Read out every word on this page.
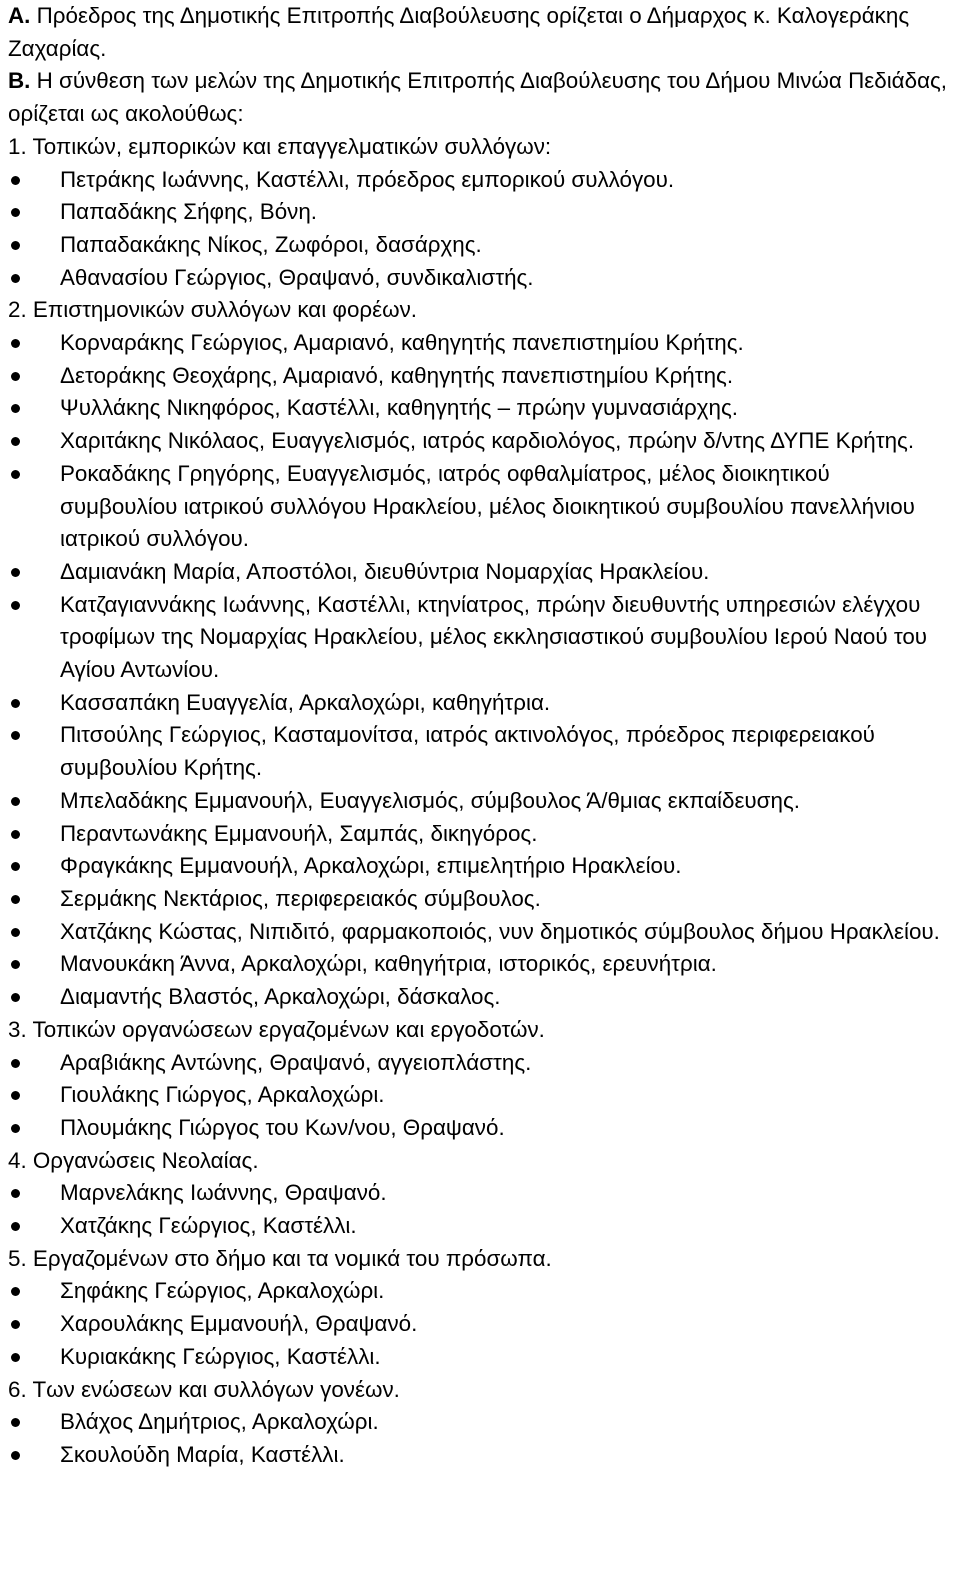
Α. Πρόεδρος της Δημοτικής Επιτροπής Διαβούλευσης ορίζεται ο Δήμαρχος κ. Καλογεράκης Ζαχαρίας.
Β. Η σύνθεση των μελών της Δημοτικής Επιτροπής Διαβούλευσης του Δήμου Μινώα Πεδιάδας, ορίζεται ως ακολούθως:
1. Τοπικών, εμπορικών και επαγγελματικών συλλόγων:
Πετράκης Ιωάννης, Καστέλλι, πρόεδρος εμπορικού συλλόγου.
Παπαδάκης Σήφης, Βόνη.
Παπαδακάκης Νίκος, Ζωφόροι, δασάρχης.
Αθανασίου Γεώργιος, Θραψανό, συνδικαλιστής.
2. Επιστημονικών συλλόγων και φορέων.
Κορναράκης Γεώργιος, Αμαριανό, καθηγητής πανεπιστημίου Κρήτης.
Δετοράκης Θεοχάρης, Αμαριανό, καθηγητής πανεπιστημίου Κρήτης.
Ψυλλάκης Νικηφόρος, Καστέλλι, καθηγητής – πρώην γυμνασιάρχης.
Χαριτάκης Νικόλαος, Ευαγγελισμός, ιατρός καρδιολόγος, πρώην δ/ντης ΔΥΠΕ Κρήτης.
Ροκαδάκης Γρηγόρης, Ευαγγελισμός, ιατρός οφθαλμίατρος, μέλος διοικητικού συμβουλίου ιατρικού συλλόγου Ηρακλείου, μέλος διοικητικού συμβουλίου πανελλήνιου ιατρικού συλλόγου.
Δαμιανάκη Μαρία, Αποστόλοι, διευθύντρια Νομαρχίας Ηρακλείου.
Κατζαγιαννάκης Ιωάννης, Καστέλλι, κτηνίατρος, πρώην διευθυντής υπηρεσιών ελέγχου τροφίμων της Νομαρχίας Ηρακλείου, μέλος εκκλησιαστικού συμβουλίου Ιερού Ναού του Αγίου Αντωνίου.
Κασσαπάκη Ευαγγελία, Αρκαλοχώρι, καθηγήτρια.
Πιτσούλης Γεώργιος, Κασταμονίτσα, ιατρός ακτινολόγος, πρόεδρος περιφερειακού συμβουλίου Κρήτης.
Μπελαδάκης Εμμανουήλ, Ευαγγελισμός, σύμβουλος Ά/θμιας εκπαίδευσης.
Περαντωνάκης Εμμανουήλ, Σαμπάς, δικηγόρος.
Φραγκάκης Εμμανουήλ, Αρκαλοχώρι, επιμελητήριο Ηρακλείου.
Σερμάκης Νεκτάριος, περιφερειακός σύμβουλος.
Χατζάκης Κώστας, Νιπιδιτό, φαρμακοποιός, νυν δημοτικός σύμβουλος δήμου Ηρακλείου.
Μανουκάκη Άννα, Αρκαλοχώρι, καθηγήτρια, ιστορικός, ερευνήτρια.
Διαμαντής Βλαστός, Αρκαλοχώρι, δάσκαλος.
3. Τοπικών οργανώσεων εργαζομένων και εργοδοτών.
Αραβιάκης Αντώνης, Θραψανό, αγγειοπλάστης.
Γιουλάκης Γιώργος, Αρκαλοχώρι.
Πλουμάκης Γιώργος του Κων/νου, Θραψανό.
4. Οργανώσεις Νεολαίας.
Μαρνελάκης Ιωάννης, Θραψανό.
Χατζάκης Γεώργιος, Καστέλλι.
5. Εργαζομένων στο δήμο και τα νομικά του πρόσωπα.
Σηφάκης Γεώργιος, Αρκαλοχώρι.
Χαρουλάκης Εμμανουήλ, Θραψανό.
Κυριακάκης Γεώργιος, Καστέλλι.
6. Των ενώσεων και συλλόγων γονέων.
Βλάχος Δημήτριος, Αρκαλοχώρι.
Σκουλούδη Μαρία, Καστέλλι.
